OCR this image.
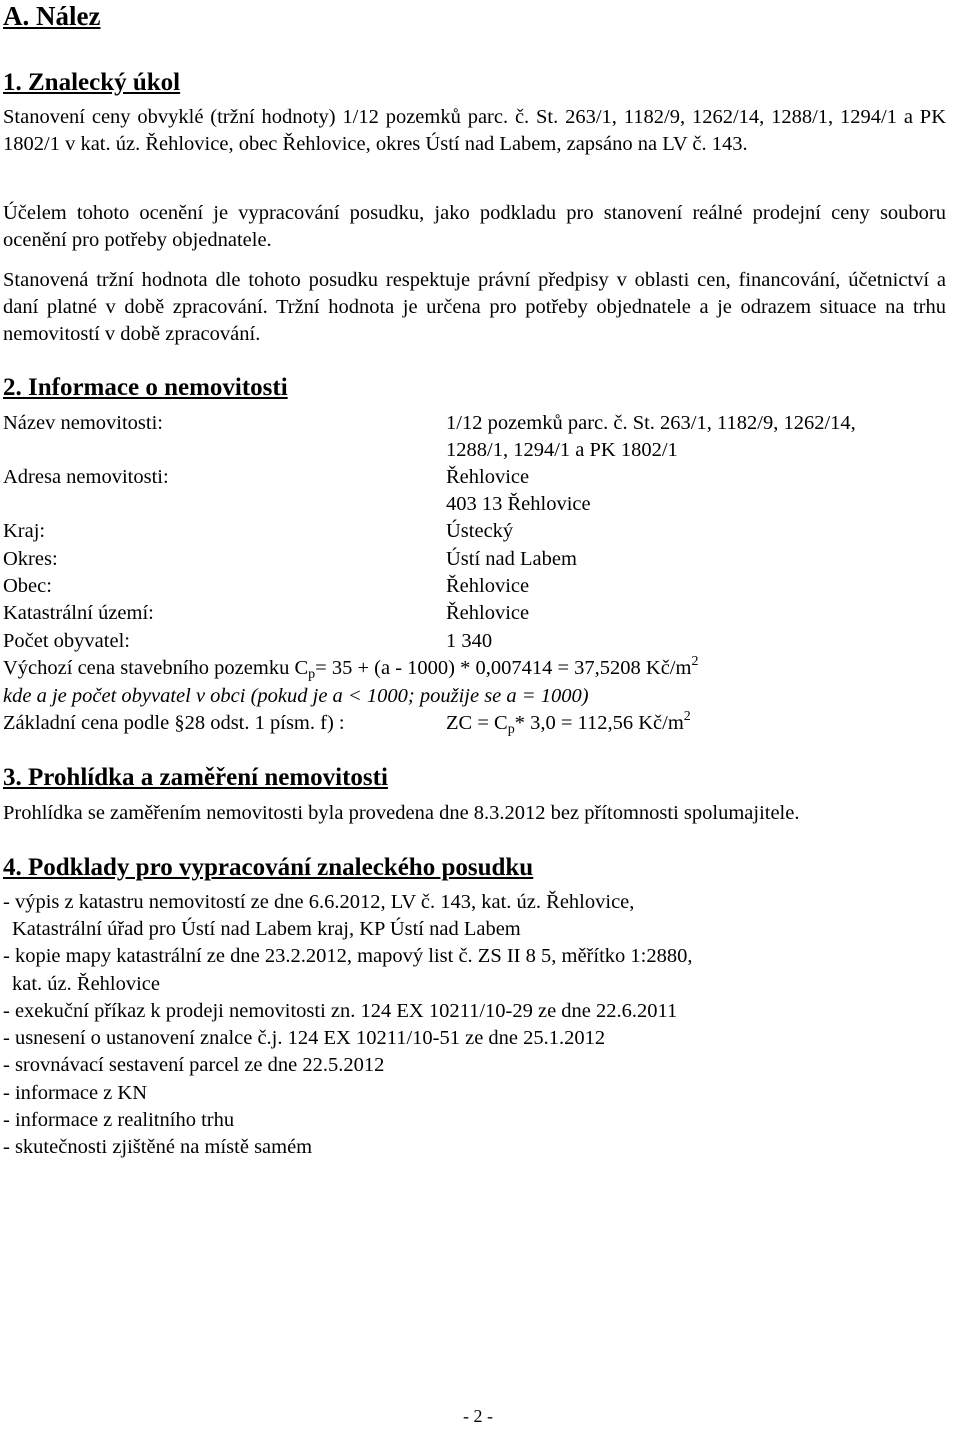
A. Nález
1. Znalecký úkol

Stanovení ceny obvyklé (tržní hodnoty) 1/12 pozemků parc. č. St. 263/1, 1182/9, 1262/14, 1288/1, 1294/1 a PK 1802/1 v kat. úz. Řehlovice, obec Řehlovice, okres Ústí nad Labem, zapsáno na LV č. 143.

Účelem tohoto ocenění je vypracování posudku, jako podkladu pro stanovení reálné prodejní ceny souboru ocenění pro potřeby objednatele.

Stanovená tržní hodnota dle tohoto posudku respektuje právní předpisy v oblasti cen, financování, účetnictví a daní platné v době zpracování. Tržní hodnota je určena pro potřeby objednatele a je odrazem situace na trhu nemovitostí v době zpracování.

2. Informace o nemovitosti
Název nemovitosti:	1/12 pozemků parc. č. St. 263/1, 1182/9, 1262/14,
1288/1, 1294/1 a PK 1802/1
Adresa nemovitosti:	Řehlovice
403 13 Řehlovice
Kraj:	Ústecký
Okres:	Ústí nad Labem
Obec:	Řehlovice
Katastrální území:	Řehlovice
Počet obyvatel:	1 340
Výchozí cena stavebního pozemku $C_p= 35 + (a - 1000) * 0,007414 = 37,5208$ $Kč/m^2$
kde a je počet obyvatel v obci (pokud je a < 1000; použije se a = 1000)
Základní cena podle §28 odst. 1 písm. f) :	ZC = $C_p*$ 3,0 = 112,56 $Kč/m^2$
3. Prohlídka a zaměření nemovitosti
Prohlídka se zaměřením nemovitosti byla provedena dne 8.3.2012 bez přítomnosti spolumajitele.
4. Podklady pro vypracování znaleckého posudku
- výpis z katastru nemovitostí ze dne 6.6.2012, LV č. 143, kat. úz. Řehlovice,
Katastrální úřad pro Ústí nad Labem kraj, KP Ústí nad Labem
- kopie mapy katastrální ze dne 23.2.2012, mapový list č. ZS II 8 5, měřítko 1:2880,
kat. úz. Řehlovice
- exekuční příkaz k prodeji nemovitosti zn. 124 EX 10211/10-29 ze dne 22.6.2011
- usnesení o ustanovení znalce č.j. 124 EX 10211/10-51 ze dne 25.1.2012
- srovnávací sestavení parcel ze dne 22.5.2012
- informace z KN
- informace z realitního trhu
- skutečnosti zjištěné na místě samém
- 2 -
